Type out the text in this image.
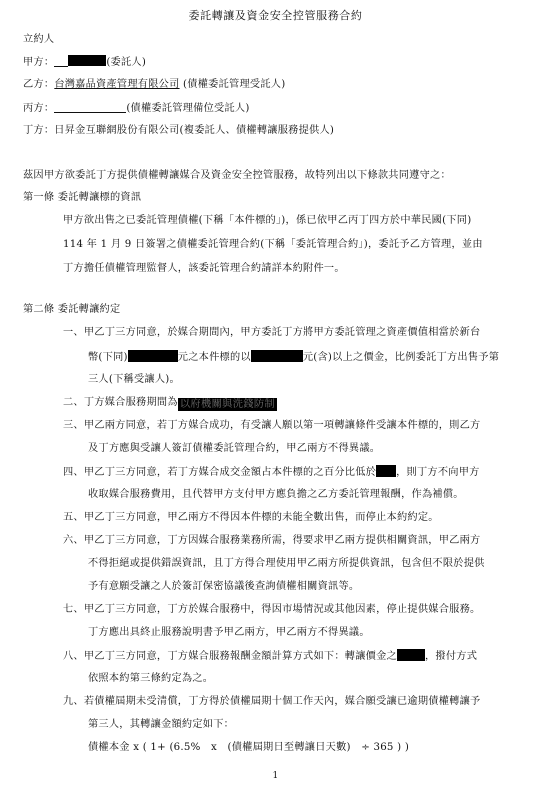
委託轉讓及資金安全控管服務合約
立約人
甲方：	(委託人)
乙方：台灣嘉品資產管理有限公司 (債權委託管理受託人)
丙方：	(債權委託管理備位受託人)
丁方：日昇金互聯網股份有限公司(複委託人、債權轉讓服務提供人)
茲因甲方欲委託丁方提供債權轉讓媒合及資金安全控管服務，故特列出以下條款共同遵守之：
第一條 委託轉讓標的資訊
甲方欲出售之已委託管理債權(下稱「本件標的」)，係已依甲乙丙丁四方於中華民國(下同)
114 年 1 月 9 日簽署之債權委託管理合約(下稱「委託管理合約」)，委託予乙方管理，並由
丁方擔任債權管理監督人，該委託管理合約請詳本約附件一。
第二條 委託轉讓約定
一、甲乙丁三方同意，於媒合期間內，甲方委託丁方將甲方委託管理之資產價值相當於新台
幣(下同)	元之本件標的以	元(含)以上之價金，比例委託丁方出售予第
三人(下稱受讓人)。
二、丁方媒合服務期間為 以府機關與洗錢防制
三、甲乙兩方同意，若丁方媒合成功，有受讓人願以第一項轉讓條件受讓本件標的，則乙方
及丁方應與受讓人簽訂債權委託管理合約，甲乙兩方不得異議。
四、甲乙丁三方同意，若丁方媒合成交金額占本件標的之百分比低於 ，則丁方不向甲方
收取媒合服務費用，且代替甲方支付甲方應負擔之乙方委託管理報酬，作為補償。
五、甲乙丁三方同意，甲乙兩方不得因本件標的未能全數出售，而停止本約約定。
六、甲乙丁三方同意，丁方因媒合服務業務所需，得要求甲乙兩方提供相關資訊，甲乙兩方
不得拒絕或提供錯誤資訊，且丁方得合理使用甲乙兩方所提供資訊，包含但不限於提供
予有意願受讓之人於簽訂保密協議後查詢債權相關資訊等。
七、甲乙丁三方同意，丁方於媒合服務中，得因市場情況或其他因素，停止提供媒合服務。
丁方應出具終止服務說明書予甲乙兩方，甲乙兩方不得異議。
八、甲乙丁三方同意，丁方媒合服務報酬金額計算方式如下：轉讓價金之	，撥付方式
依照本約第三條約定為之。
九、若債權屆期未受清償，丁方得於債權屆期十個工作天內，媒合願受讓已逾期債權轉讓予
第三人，其轉讓金額約定如下：
債權本金 x ( 1+ (6.5%   x   (債權屆期日至轉讓日天數)   ÷ 365 ) )
1
